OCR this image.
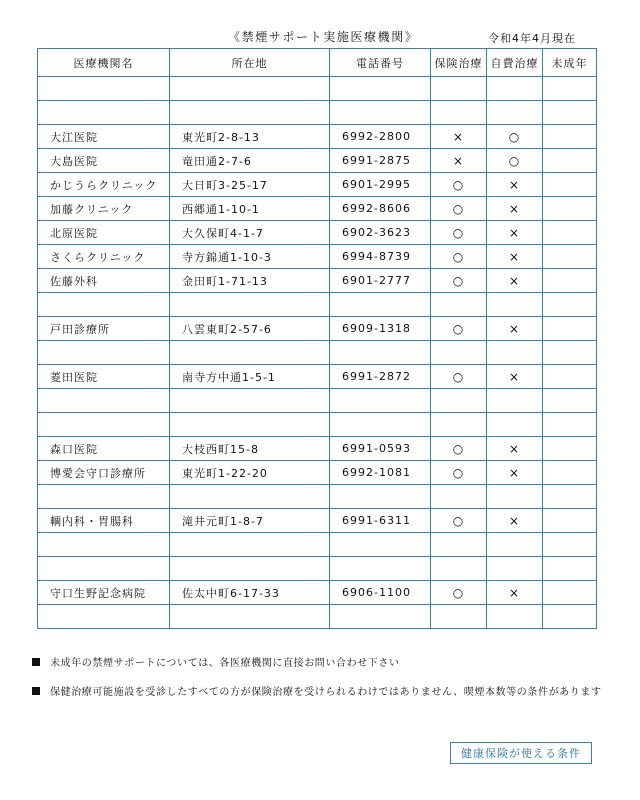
《禁煙サポート実施医療機関》	令和4年4月現在
医療機関名	所在地	電話番号	保険治療	自費治療	未成年

大江医院	東光町2-8-13	6992-2800	×	○	
大島医院	竜田通2-7-6	6991-2875	×	○	
かじうらクリニック	大日町3-25-17	6901-2995	○	×	
加藤クリニック	西郷通1-10-1	6992-8606	○	×	
北原医院	大久保町4-1-7	6902-3623	○	×	
さくらクリニック	寺方錦通1-10-3	6994-8739	○	×	
佐藤外科	金田町1-71-13	6901-2777	○	×	

戸田診療所	八雲東町2-57-6	6909-1318	○	×	

菱田医院	南寺方中通1-5-1	6991-2872	○	×	

森口医院	大枝西町15-8	6991-0593	○	×	
博愛会守口診療所	東光町1-22-20	6992-1081	○	×	

輌内科・胃腸科	滝井元町1-8-7	6991-6311	○	×	

守口生野記念病院	佐太中町6-17-33	6906-1100	○	×	

未成年の禁煙サポートについては、各医療機関に直接お問い合わせ下さい
保健治療可能施設を受診したすべての方が保険治療を受けられるわけではありません、喫煙本数等の条件があります
健康保険が使える条件
